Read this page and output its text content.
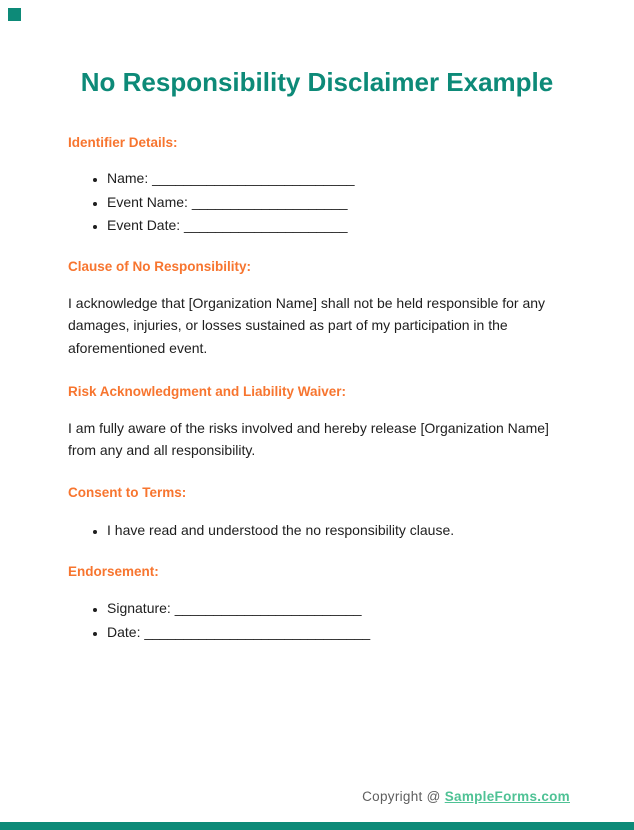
No Responsibility Disclaimer Example
Identifier Details:
• Name: __________________________
• Event Name: ____________________
• Event Date: _____________________
Clause of No Responsibility:
I acknowledge that [Organization Name] shall not be held responsible for any
damages, injuries, or losses sustained as part of my participation in the
aforementioned event.
Risk Acknowledgment and Liability Waiver:
I am fully aware of the risks involved and hereby release [Organization Name]
from any and all responsibility.
Consent to Terms:
• I have read and understood the no responsibility clause.
Endorsement:
• Signature: ________________________
• Date: _____________________________
Copyright @ SampleForms.com
